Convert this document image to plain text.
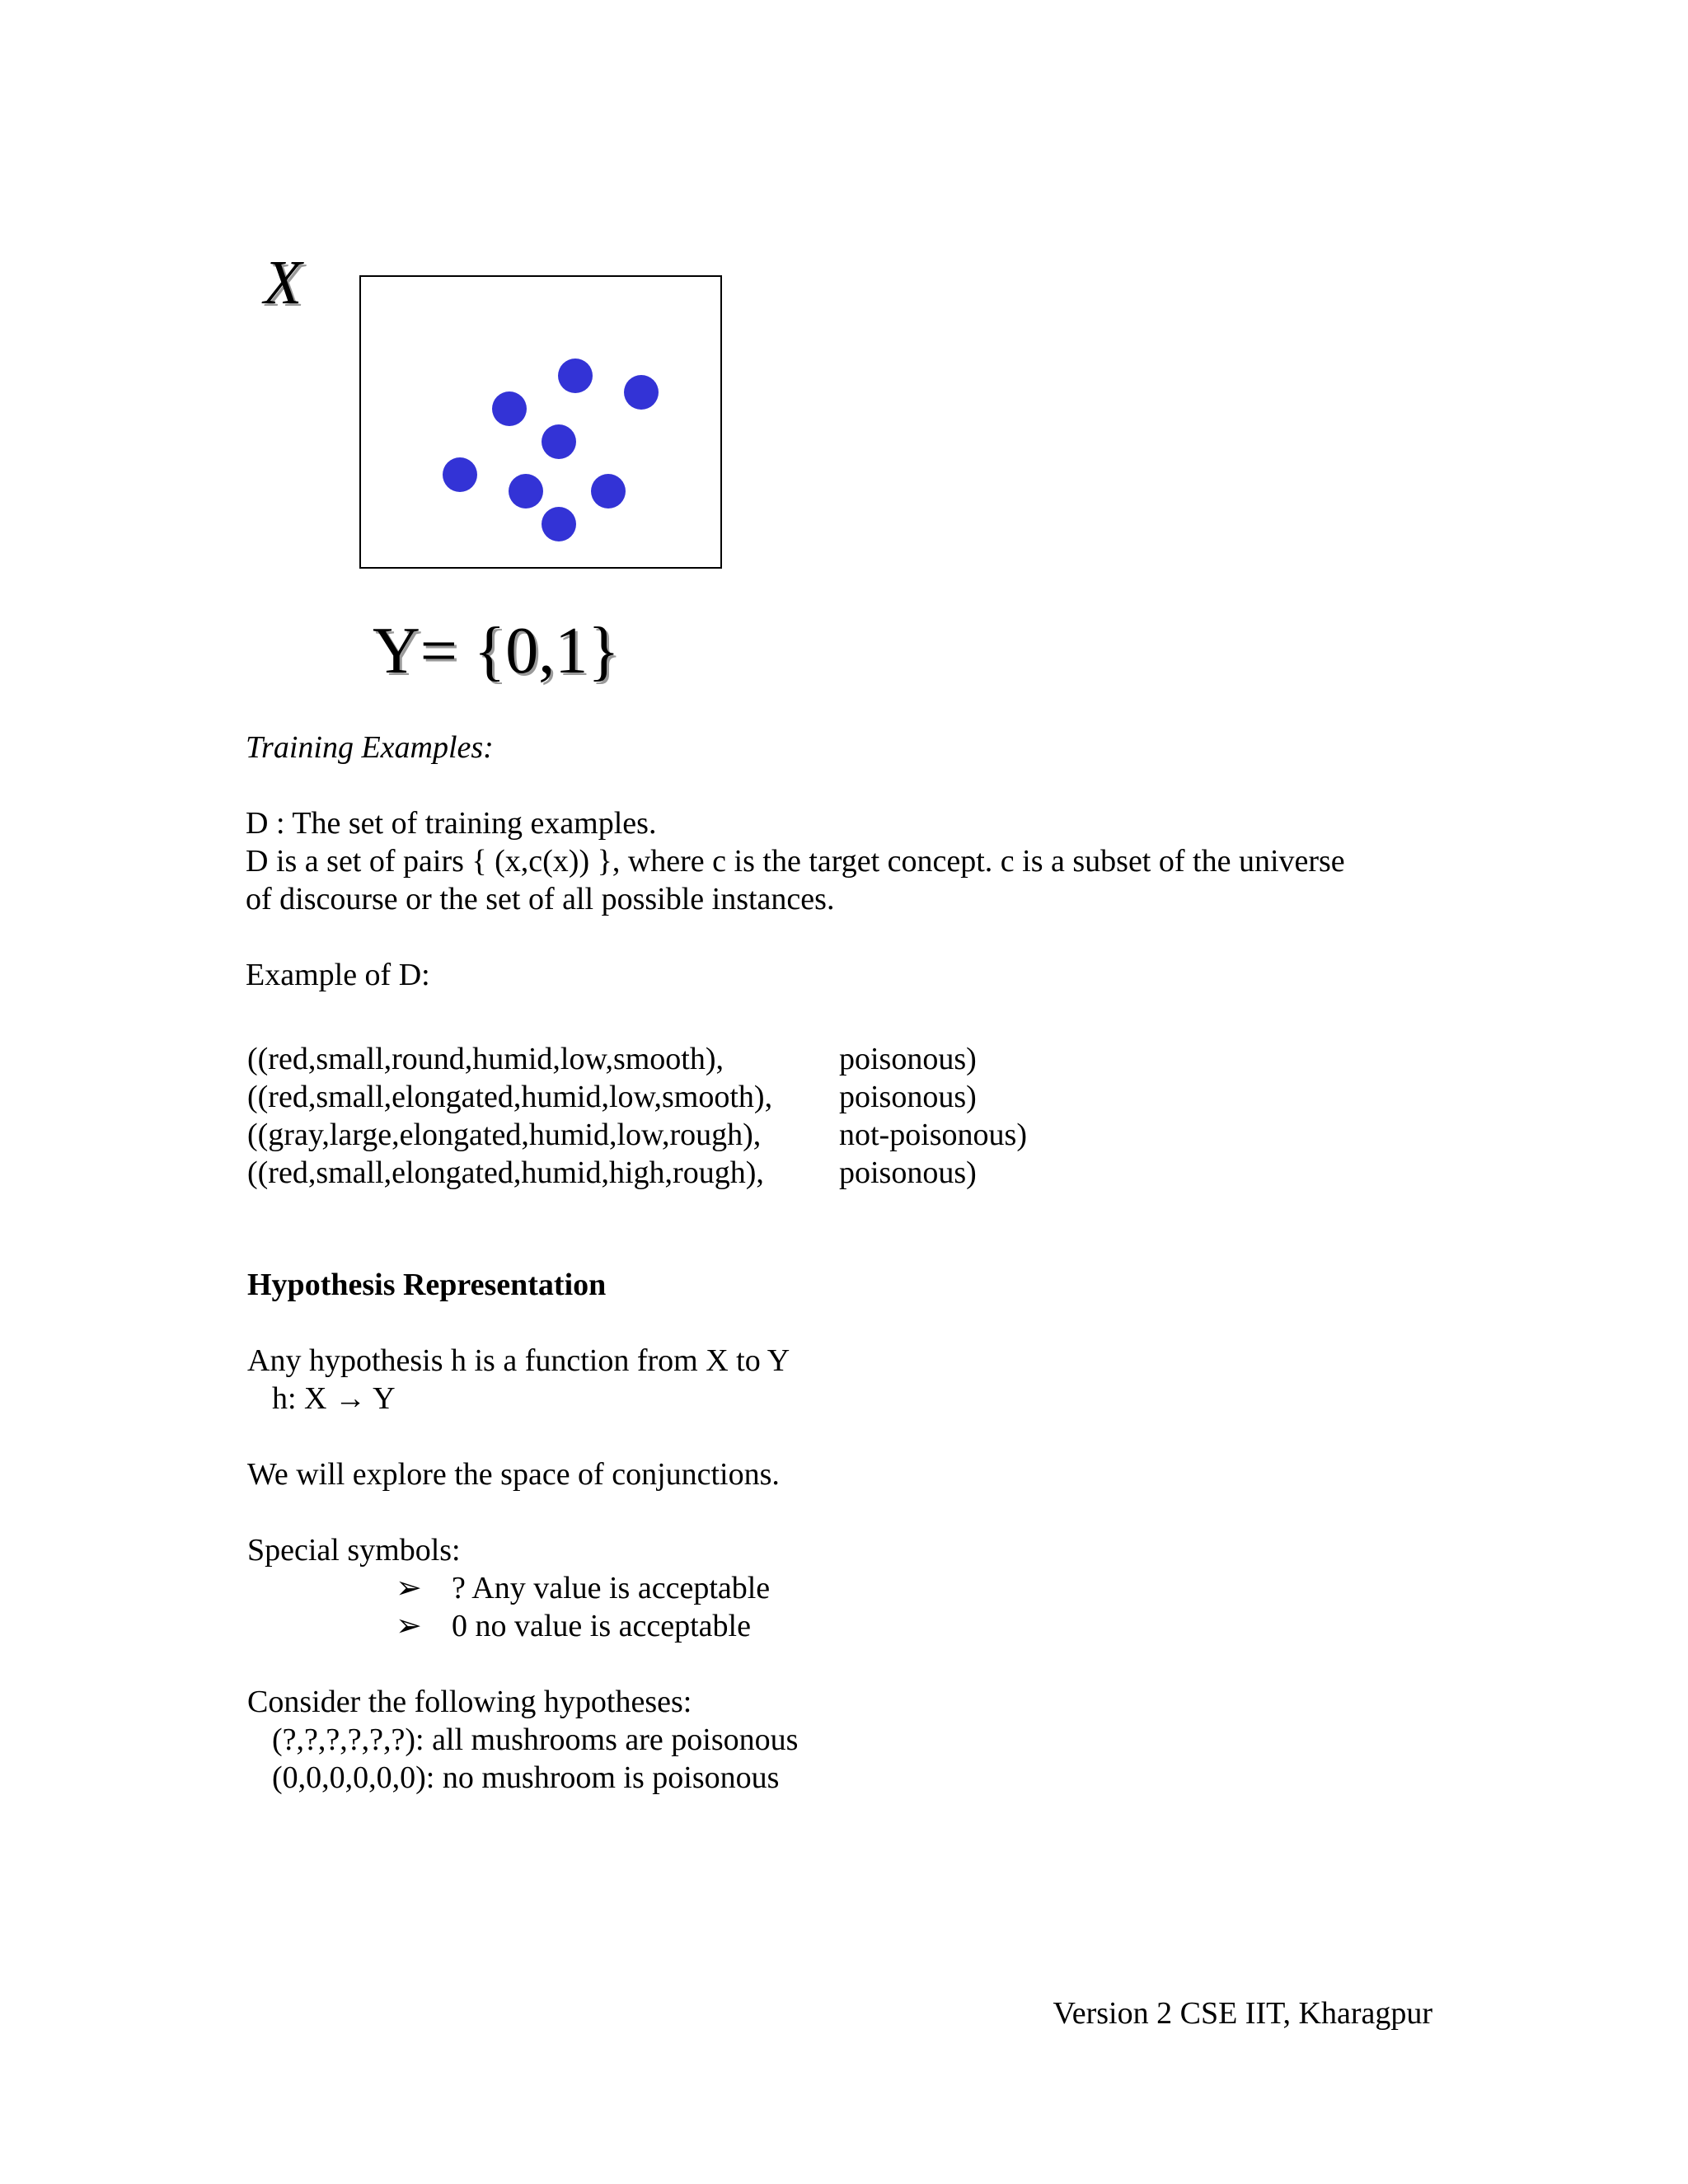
X
Y= {0,1}

Training Examples:

D : The set of training examples.

D is a set of pairs { (x,c(x)) }, where c is the target concept. c is a subset of the universe

of discourse or the set of all possible instances.

Example of D:

((red,small,round,humid,low,smooth),	poisonous)
((red,small,elongated,humid,low,smooth), poisonous)
((gray,large,elongated,humid,low,rough), not-poisonous)
((red,small,elongated,humid,high,rough), poisonous)

Hypothesis Representation

Any hypothesis h is a function from X to Y

h: X → Y

We will explore the space of conjunctions.

Special symbols:

➢ ? Any value is acceptable
➢ 0 no value is acceptable

Consider the following hypotheses:

(?,?,?,?,?,?): all mushrooms are poisonous

(0,0,0,0,0,0): no mushroom is poisonous

Version 2 CSE IIT, Kharagpur
